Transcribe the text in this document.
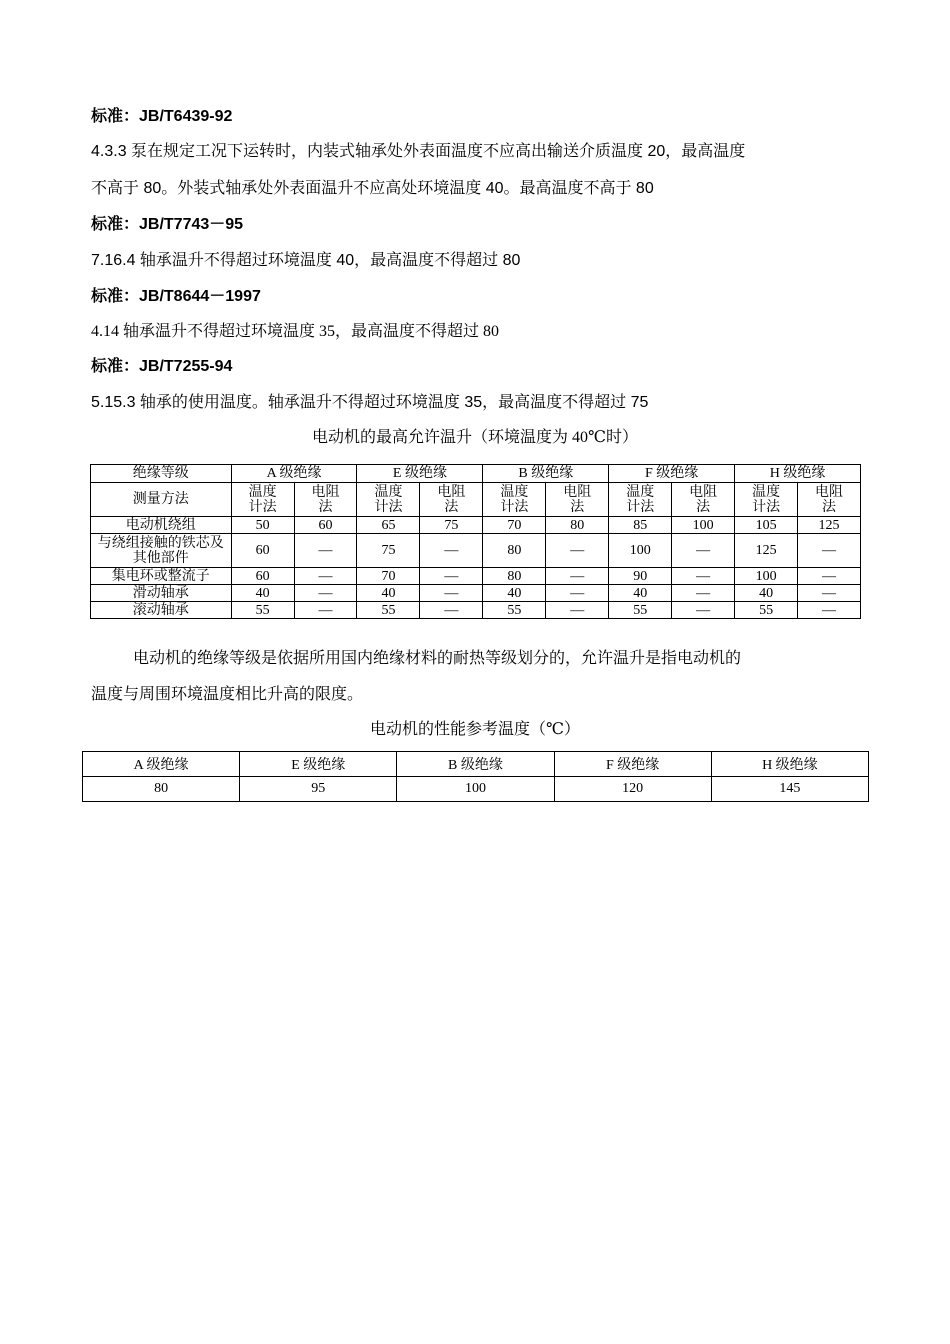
标准：JB/T6439-92
4.3.3 泵在规定工况下运转时，内装式轴承处外表面温度不应高出输送介质温度 20，最高温度
不高于 80。外装式轴承处外表面温升不应高处环境温度 40。最高温度不高于 80
标准：JB/T7743－95
7.16.4 轴承温升不得超过环境温度 40，最高温度不得超过 80
标准：JB/T8644－1997
4.14 轴承温升不得超过环境温度 35，最高温度不得超过 80
标准：JB/T7255-94
5.15.3 轴承的使用温度。轴承温升不得超过环境温度 35，最高温度不得超过 75
电动机的最高允许温升（环境温度为 40℃时）
绝缘等级	A 级绝缘		E 级绝缘		B 级绝缘		F 级绝缘		H 级绝缘	
测量方法	温度计法	电阻法	温度计法	电阻法	温度计法	电阻法	温度计法	电阻法	温度计法	电阻法
电动机绕组	50	60	65	75	70	80	85	100	105	125
与绕组接触的铁芯及其他部件	60	—	75	—	80	—	100	—	125	—
集电环或整流子	60	—	70	—	80	—	90	—	100	—
滑动轴承	40	—	40	—	40	—	40	—	40	—
滚动轴承	55	—	55	—	55	—	55	—	55	—
电动机的绝缘等级是依据所用国内绝缘材料的耐热等级划分的，允许温升是指电动机的
温度与周围环境温度相比升高的限度。
电动机的性能参考温度（℃）
A 级绝缘	E 级绝缘	B 级绝缘	F 级绝缘	H 级绝缘
80	95	100	120	145
